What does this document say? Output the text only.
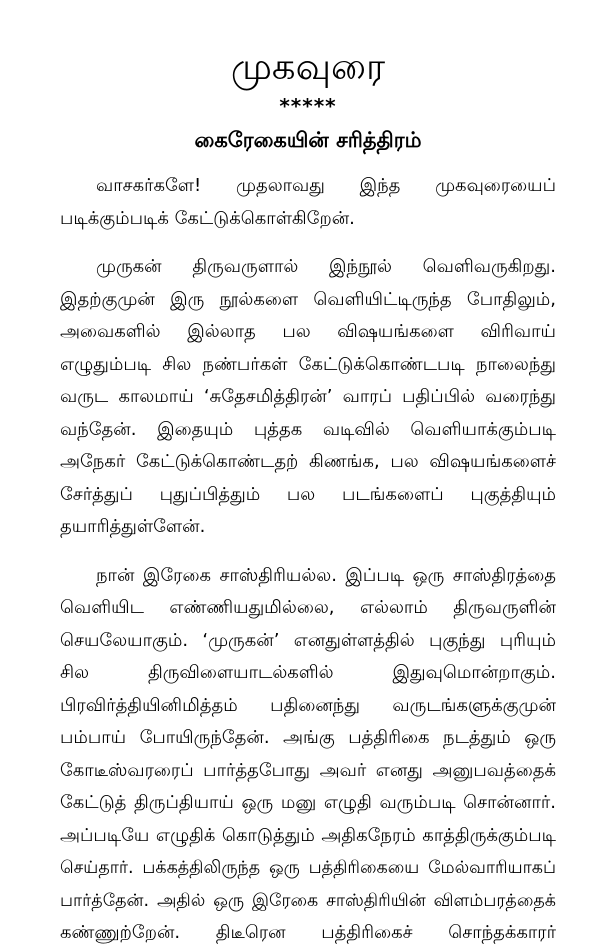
முகவுரை
*****
கைரேகையின் சரித்திரம்

வாசகர்களே! முதலாவது இந்த முகவுரையைப்
படிக்கும்படிக் கேட்டுக்கொள்கிறேன்.

முருகன் திருவருளால் இந்நூல் வெளிவருகிறது.
இதற்குமுன் இரு நூல்களை வெளியிட்டிருந்த போதிலும்,
அவைகளில் இல்லாத பல விஷயங்களை விரிவாய்
எழுதும்படி சில நண்பர்கள் கேட்டுக்கொண்டபடி நாலைந்து
வருட காலமாய் ‘சுதேசமித்திரன்’ வாரப் பதிப்பில் வரைந்து
வந்தேன். இதையும் புத்தக வடிவில் வெளியாக்கும்படி
அநேகர் கேட்டுக்கொண்டதற் கிணங்க, பல விஷயங்களைச்
சேர்த்துப் புதுப்பித்தும் பல படங்களைப் புகுத்தியும்
தயாரித்துள்ளேன்.

நான் இரேகை சாஸ்திரியல்ல. இப்படி ஒரு சாஸ்திரத்தை
வெளியிட எண்ணியதுமில்லை, எல்லாம் திருவருளின்
செயலேயாகும். ‘முருகன்’ எனதுள்ளத்தில் புகுந்து புரியும்
சில திருவிளையாடல்களில் இதுவுமொன்றாகும்.
பிரவிர்த்தியினிமித்தம் பதினைந்து வருடங்களுக்குமுன்
பம்பாய் போயிருந்தேன். அங்கு பத்திரிகை நடத்தும் ஒரு
கோடீஸ்வரரைப் பார்த்தபோது அவர் எனது அனுபவத்தைக்
கேட்டுத் திருப்தியாய் ஒரு மனு எழுதி வரும்படி சொன்னார்.
அப்படியே எழுதிக் கொடுத்தும் அதிகநேரம் காத்திருக்கும்படி
செய்தார். பக்கத்திலிருந்த ஒரு பத்திரிகையை மேல்வாரியாகப்
பார்த்தேன். அதில் ஒரு இரேகை சாஸ்திரியின் விளம்பரத்தைக்
கண்ணுற்றேன். திடீரென பத்திரிகைச் சொந்தக்காரர்
